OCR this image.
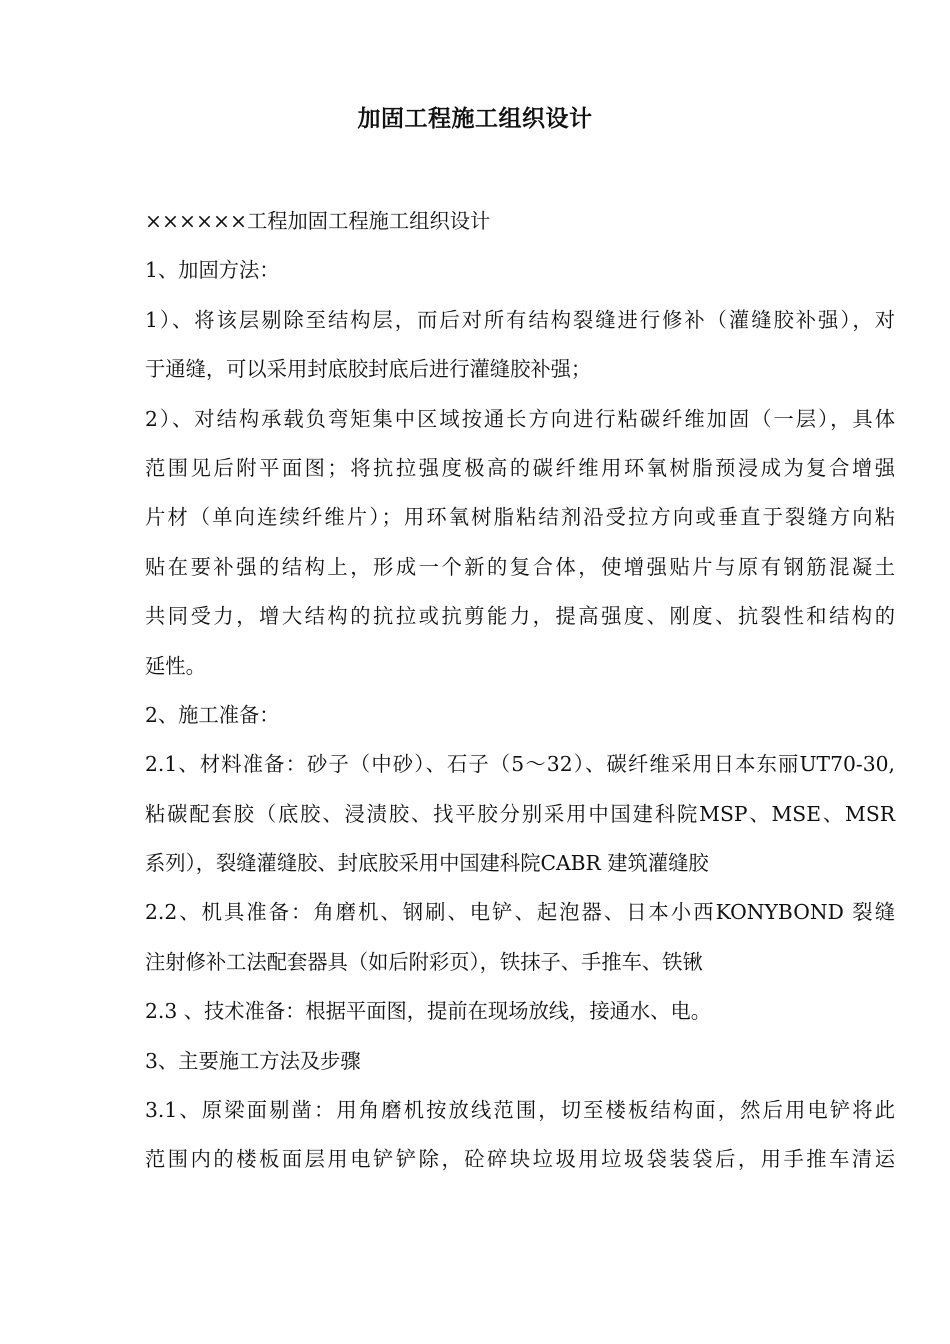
加固工程施工组织设计
××××××工程加固工程施工组织设计
1、加固方法：
1）、将该层剔除至结构层，而后对所有结构裂缝进行修补（灌缝胶补强），对
于通缝，可以采用封底胶封底后进行灌缝胶补强；
2）、对结构承载负弯矩集中区域按通长方向进行粘碳纤维加固（一层），具体
范围见后附平面图；将抗拉强度极高的碳纤维用环氧树脂预浸成为复合增强
片材（单向连续纤维片）；用环氧树脂粘结剂沿受拉方向或垂直于裂缝方向粘
贴在要补强的结构上，形成一个新的复合体，使增强贴片与原有钢筋混凝土
共同受力，增大结构的抗拉或抗剪能力，提高强度、刚度、抗裂性和结构的
延性。
2、施工准备：
2.1、材料准备：砂子（中砂）、石子（5～32）、碳纤维采用日本东丽UT70-30,
粘碳配套胶（底胶、浸渍胶、找平胶分别采用中国建科院MSP、MSE、MSR
系列），裂缝灌缝胶、封底胶采用中国建科院CABR 建筑灌缝胶
2.2、机具准备：角磨机、钢刷、电铲、起泡器、日本小西KONYBOND 裂缝
注射修补工法配套器具（如后附彩页），铁抹子、手推车、铁锹
2.3 、技术准备：根据平面图，提前在现场放线，接通水、电。
3、主要施工方法及步骤
3.1、原梁面剔凿：用角磨机按放线范围，切至楼板结构面，然后用电铲将此
范围内的楼板面层用电铲铲除，砼碎块垃圾用垃圾袋装袋后，用手推车清运
